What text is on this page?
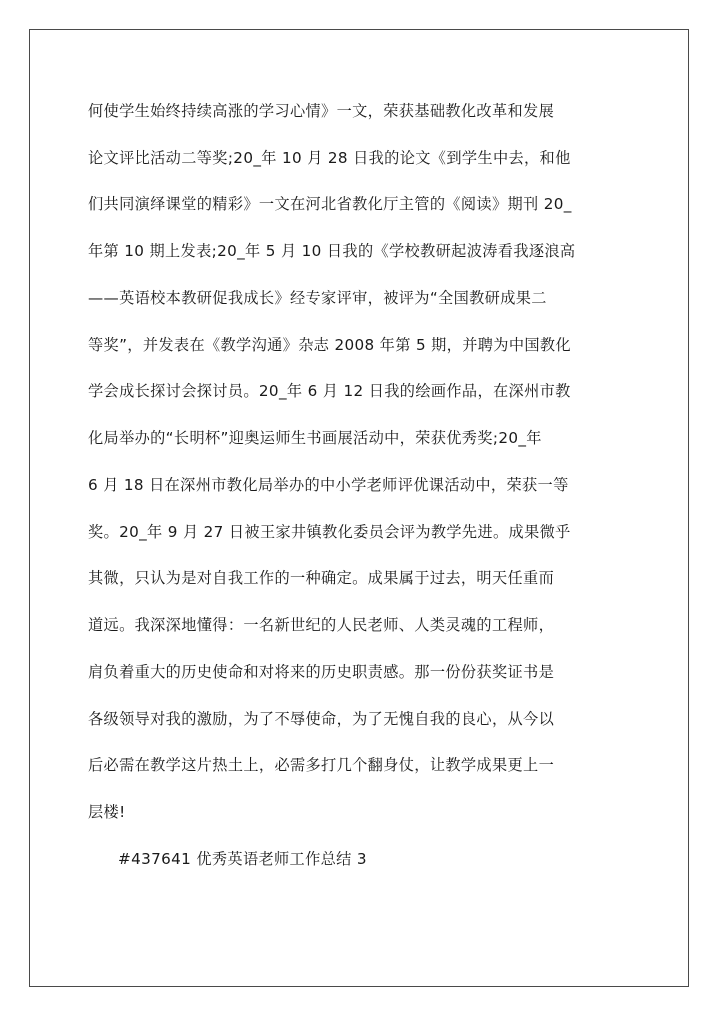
何使学生始终持续高涨的学习心情》一文，荣获基础教化改革和发展
论文评比活动二等奖;20_年 10 月 28 日我的论文《到学生中去，和他
们共同演绎课堂的精彩》一文在河北省教化厅主管的《阅读》期刊 20_
年第 10 期上发表;20_年 5 月 10 日我的《学校教研起波涛看我逐浪高
——英语校本教研促我成长》经专家评审，被评为“全国教研成果二
等奖”，并发表在《教学沟通》杂志 2008 年第 5 期，并聘为中国教化
学会成长探讨会探讨员。20_年 6 月 12 日我的绘画作品，在深州市教
化局举办的“长明杯”迎奥运师生书画展活动中，荣获优秀奖;20_年
6 月 18 日在深州市教化局举办的中小学老师评优课活动中，荣获一等
奖。20_年 9 月 27 日被王家井镇教化委员会评为教学先进。成果微乎
其微，只认为是对自我工作的一种确定。成果属于过去，明天任重而
道远。我深深地懂得：一名新世纪的人民老师、人类灵魂的工程师，
肩负着重大的历史使命和对将来的历史职责感。那一份份获奖证书是
各级领导对我的激励，为了不辱使命，为了无愧自我的良心，从今以
后必需在教学这片热土上，必需多打几个翻身仗，让教学成果更上一
层楼!
#437641 优秀英语老师工作总结 3
